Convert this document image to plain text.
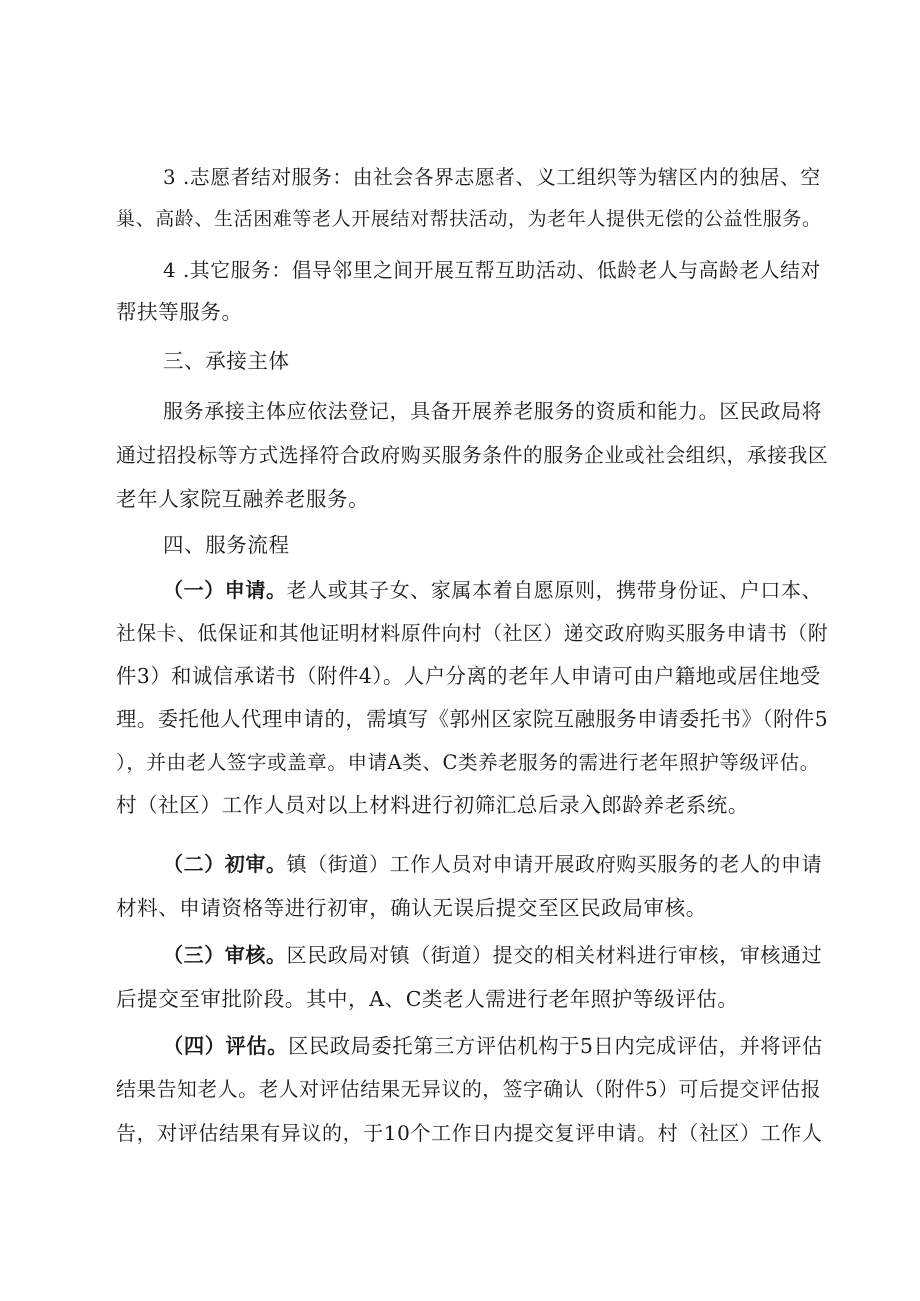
3 .志愿者结对服务：由社会各界志愿者、义工组织等为辖区内的独居、空
巢、高龄、生活困难等老人开展结对帮扶活动，为老年人提供无偿的公益性服务。
4 .其它服务：倡导邻里之间开展互帮互助活动、低龄老人与高龄老人结对
帮扶等服务。
三、承接主体
服务承接主体应依法登记，具备开展养老服务的资质和能力。区民政局将
通过招投标等方式选择符合政府购买服务条件的服务企业或社会组织，承接我区
老年人家院互融养老服务。
四、服务流程
（一）申请。老人或其子女、家属本着自愿原则，携带身份证、户口本、
社保卡、低保证和其他证明材料原件向村（社区）递交政府购买服务申请书（附
件3）和诚信承诺书（附件4）。人户分离的老年人申请可由户籍地或居住地受
理。委托他人代理申请的，需填写《郭州区家院互融服务申请委托书》（附件5
），并由老人签字或盖章。申请A类、C类养老服务的需进行老年照护等级评估。
村（社区）工作人员对以上材料进行初筛汇总后录入郎龄养老系统。
（二）初审。镇（街道）工作人员对申请开展政府购买服务的老人的申请
材料、申请资格等进行初审，确认无误后提交至区民政局审核。
（三）审核。区民政局对镇（街道）提交的相关材料进行审核，审核通过
后提交至审批阶段。其中，A、C类老人需进行老年照护等级评估。
（四）评估。区民政局委托第三方评估机构于5日内完成评估，并将评估
结果告知老人。老人对评估结果无异议的，签字确认（附件5）可后提交评估报
告，对评估结果有异议的，于10个工作日内提交复评申请。村（社区）工作人
